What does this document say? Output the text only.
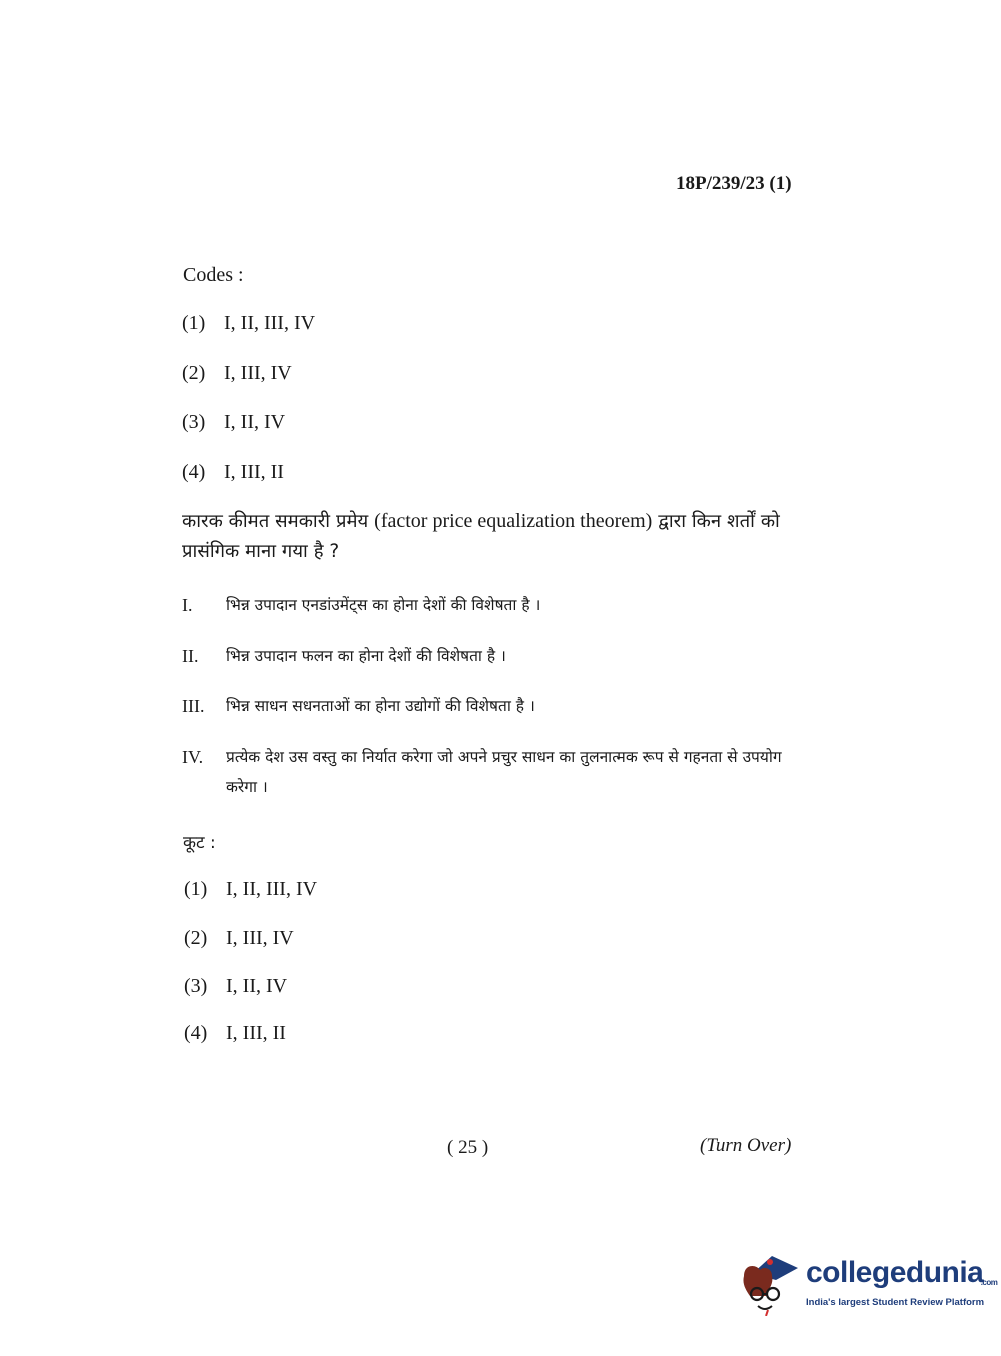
18P/239/23 (1)
Codes :
(1) I, II, III, IV
(2) I, III, IV
(3) I, II, IV
(4) I, III, II
कारक कीमत समकारी प्रमेय (factor price equalization theorem) द्वारा किन शर्तों को प्रासंगिक माना गया है ?
I. भिन्न उपादान एनडांउमेंट्स का होना देशों की विशेषता है ।
II. भिन्न उपादान फलन का होना देशों की विशेषता है ।
III. भिन्न साधन सधनताओं का होना उद्योगों की विशेषता है ।
IV. प्रत्येक देश उस वस्तु का निर्यात करेगा जो अपने प्रचुर साधन का तुलनात्मक रूप से गहनता से उपयोग करेगा ।
कूट :
(1) I, II, III, IV
(2) I, III, IV
(3) I, II, IV
(4) I, III, II
( 25 )	(Turn Over)
collegedunia
.com
India's largest Student Review Platform
